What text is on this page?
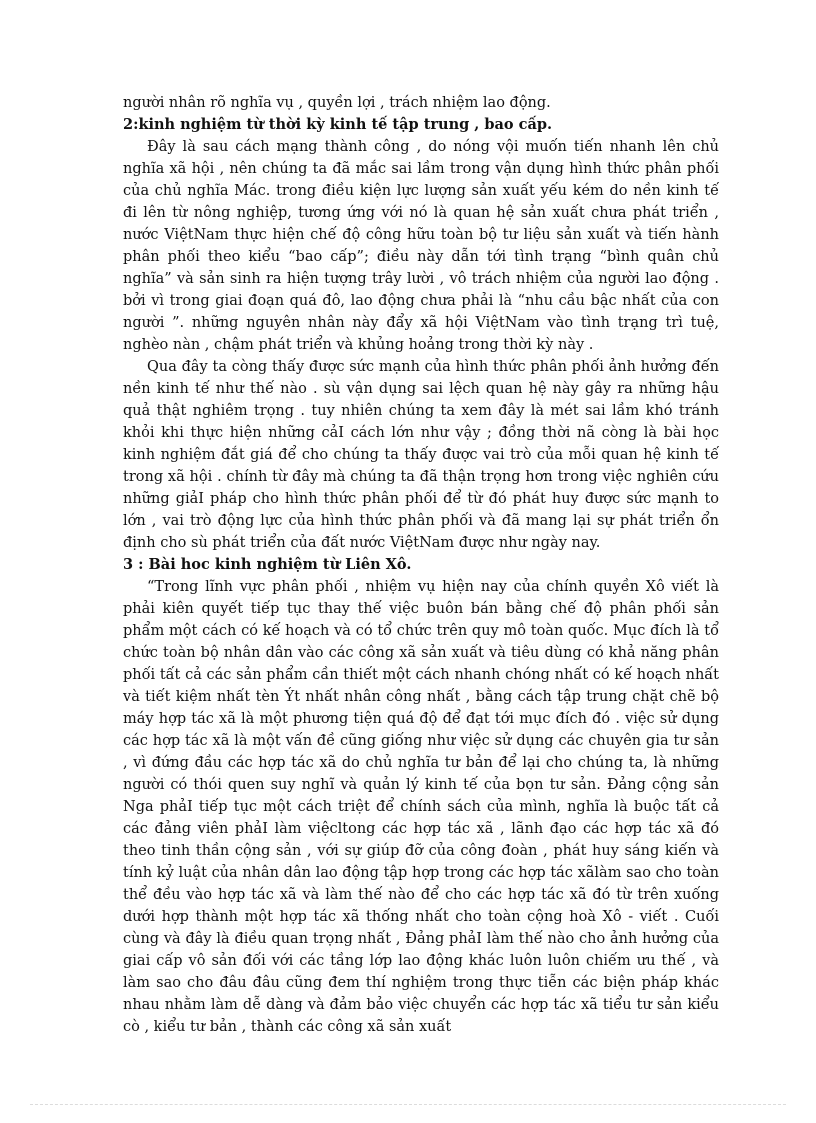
người nhân rõ nghĩa vụ , quyền lợi , trách nhiệm lao động.

2:kinh nghiệm từ thời kỳ kinh tế tập trung , bao cấp.

Đây là sau cách mạng thành công , do nóng vội muốn tiến nhanh lên chủ nghĩa xã hội , nên chúng ta đã mắc sai lầm trong vận dụng hình thức phân phối của chủ nghĩa Mác. trong điều kiện lực lượng sản xuất yếu kém do nền kinh tế đi lên từ nông nghiệp, tương ứng với nó là quan hệ sản xuất chưa phát triển , nước ViệtNam thực hiện chế độ công hữu toàn bộ tư liệu sản xuất và tiến hành phân phối theo kiểu “bao cấp”; điều này dẫn tới tình trạng “bình quân chủ nghĩa” và sản sinh ra hiện tượng trây lười , vô trách nhiệm của người lao động . bởi vì trong giai đoạn quá đô, lao động chưa phải là “nhu cầu bậc nhất của con người ”. những nguyên nhân này đẩy xã hội ViệtNam vào tình trạng trì tuệ, nghèo nàn , chậm phát triển và khủng hoảng trong thời kỳ này .

Qua đây ta còng thấy được sức mạnh của hình thức phân phối ảnh hưởng đến nền kinh tế như thế nào . sù vận dụng sai lệch quan hệ này gây ra những hậu quả thật nghiêm trọng . tuy nhiên chúng ta xem đây là mét sai lầm khó tránh khỏi khi thực hiện những cảI cách lớn như vậy ; đồng thời nã còng là bài học kinh nghiệm đắt giá để cho chúng ta thấy được vai trò của mỗi quan hệ kinh tế trong xã hội . chính từ đây mà chúng ta đã thận trọng hơn trong việc nghiên cứu những giảI pháp cho hình thức phân phối để từ đó phát huy được sức mạnh to lớn , vai trò động lực của hình thức phân phối và đã mang lại sự phát triển ổn định cho sù phát triển của đất nước ViệtNam được như ngày nay.

3 : Bài hoc kinh nghiệm từ Liên Xô.

“Trong lĩnh vực phân phối , nhiệm vụ hiện nay của chính quyền Xô viết là phải kiên quyết tiếp tục thay thế việc buôn bán bằng chế độ phân phối sản phẩm một cách có kế hoạch và có tổ chức trên quy mô toàn quốc. Mục đích là tổ chức toàn bộ nhân dân vào các công xã sản xuất và tiêu dùng có khả năng phân phối tất cả các sản phẩm cần thiết một cách nhanh chóng nhất có kế hoạch nhất và tiết kiệm nhất tèn Ýt nhất nhân công nhất , bằng cách tập trung chặt chẽ bộ máy hợp tác xã là một phương tiện quá độ để đạt tới mục đích đó . việc sử dụng các hợp tác xã là một vấn đề cũng giống như việc sử dụng các chuyên gia tư sản , vì đứng đầu các hợp tác xã do chủ nghĩa tư bản để lại cho chúng ta, là những người có thói quen suy nghĩ và quản lý kinh tế của bọn tư sản. Đảng cộng sản Nga phảI tiếp tục một cách triệt để chính sách của mình, nghĩa là buộc tất cả các đảng viên phảI làm việcltong các hợp tác xã , lãnh đạo các hợp tác xã đó theo tinh thần cộng sản , với sự giúp đỡ của công đoàn , phát huy sáng kiến và tính kỷ luật của nhân dân lao động tập hợp trong các hợp tác xãlàm sao cho toàn thể đều vào hợp tác xã và làm thế nào để cho các hợp tác xã đó từ trên xuống dưới hợp thành một hợp tác xã thống nhất cho toàn cộng hoà Xô - viết . Cuối cùng và đây là điều quan trọng nhất , Đảng phảI làm thế nào cho ảnh hưởng của giai cấp vô sản đối với các tầng lớp lao động khác luôn luôn chiếm ưu thế , và làm sao cho đâu đâu cũng đem thí nghiệm trong thực tiễn các biện pháp khác nhau nhằm làm dễ dàng và đảm bảo việc chuyển các hợp tác xã tiểu tư sản kiểu cò , kiểu tư bản , thành các công xã sản xuất
